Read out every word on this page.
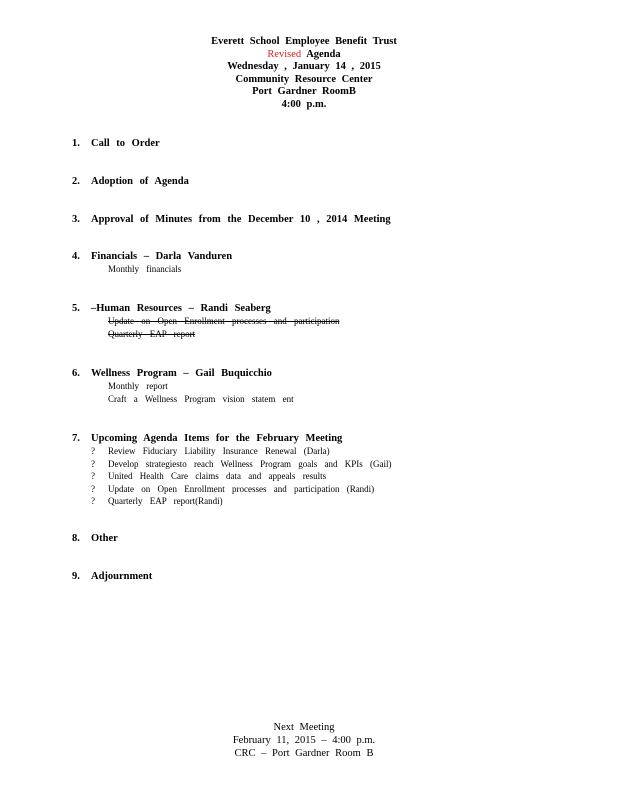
Everett School Employee Benefit Trust
Revised Agenda
Wednesday , January 14 , 2015
Community Resource Center
Port Gardner RoomB
4:00 p.m.
1. Call to Order
2. Adoption of Agenda
3. Approval of Minutes from the December 10 , 2014 Meeting
4. Financials – Darla Vanduren
Monthly financials
5. –Human Resources – Randi Seaberg
Update on Open Enrollment processes and participation
Quarterly EAP report
6. Wellness Program – Gail Buquicchio
Monthly report
Craft a Wellness Program vision statem ent
7. Upcoming Agenda Items for the February Meeting
? Review Fiduciary Liability Insurance Renewal (Darla)
? Develop strategiesto reach Wellness Program goals and KPIs (Gail)
? United Health Care claims data and appeals results
? Update on Open Enrollment processes and participation (Randi)
? Quarterly EAP report(Randi)
8. Other
9. Adjournment
Next Meeting
February 11, 2015 – 4:00 p.m.
CRC – Port Gardner Room B
